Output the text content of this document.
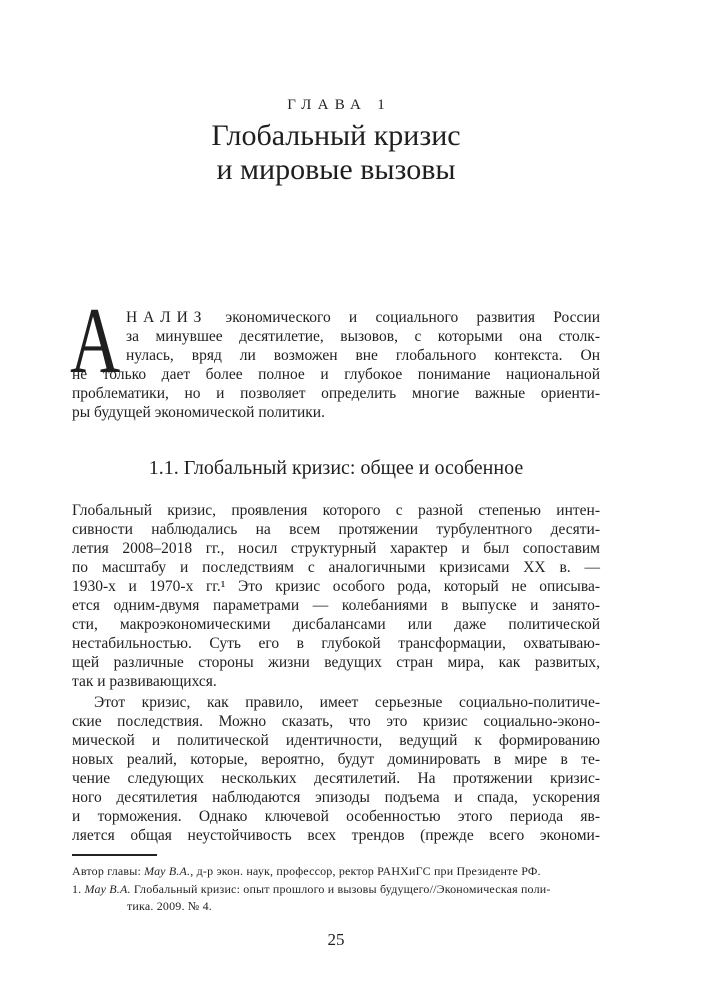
ГЛАВА 1
Глобальный кризис
и мировые вызовы
А НАЛИЗ экономического и социального развития России
за минувшее десятилетие, вызовов, с которыми она столк-
нулась, вряд ли возможен вне глобального контекста. Он
не только дает более полное и глубокое понимание национальной
проблематики, но и позволяет определить многие важные ориенти-
ры будущей экономической политики.
1.1. Глобальный кризис: общее и особенное
Глобальный кризис, проявления которого с разной степенью интен-
сивности наблюдались на всем протяжении турбулентного десяти-
летия 2008–2018 гг., носил структурный характер и был сопоставим
по масштабу и последствиям с аналогичными кризисами XX в. —
1930-х и 1970-х гг.¹ Это кризис особого рода, который не описыва-
ется одним-двумя параметрами — колебаниями в выпуске и занято-
сти, макроэкономическими дисбалансами или даже политической
нестабильностью. Суть его в глубокой трансформации, охватываю-
щей различные стороны жизни ведущих стран мира, как развитых,
так и развивающихся.
Этот кризис, как правило, имеет серьезные социально-политиче-
ские последствия. Можно сказать, что это кризис социально-эконо-
мической и политической идентичности, ведущий к формированию
новых реалий, которые, вероятно, будут доминировать в мире в те-
чение следующих нескольких десятилетий. На протяжении кризис-
ного десятилетия наблюдаются эпизоды подъема и спада, ускорения
и торможения. Однако ключевой особенностью этого периода яв-
ляется общая неустойчивость всех трендов (прежде всего экономи-
Автор главы: Мау В.А., д-р экон. наук, профессор, ректор РАНХиГС при Президенте РФ.
1. Мау В.А. Глобальный кризис: опыт прошлого и вызовы будущего//Экономическая поли-
тика. 2009. № 4.
25
